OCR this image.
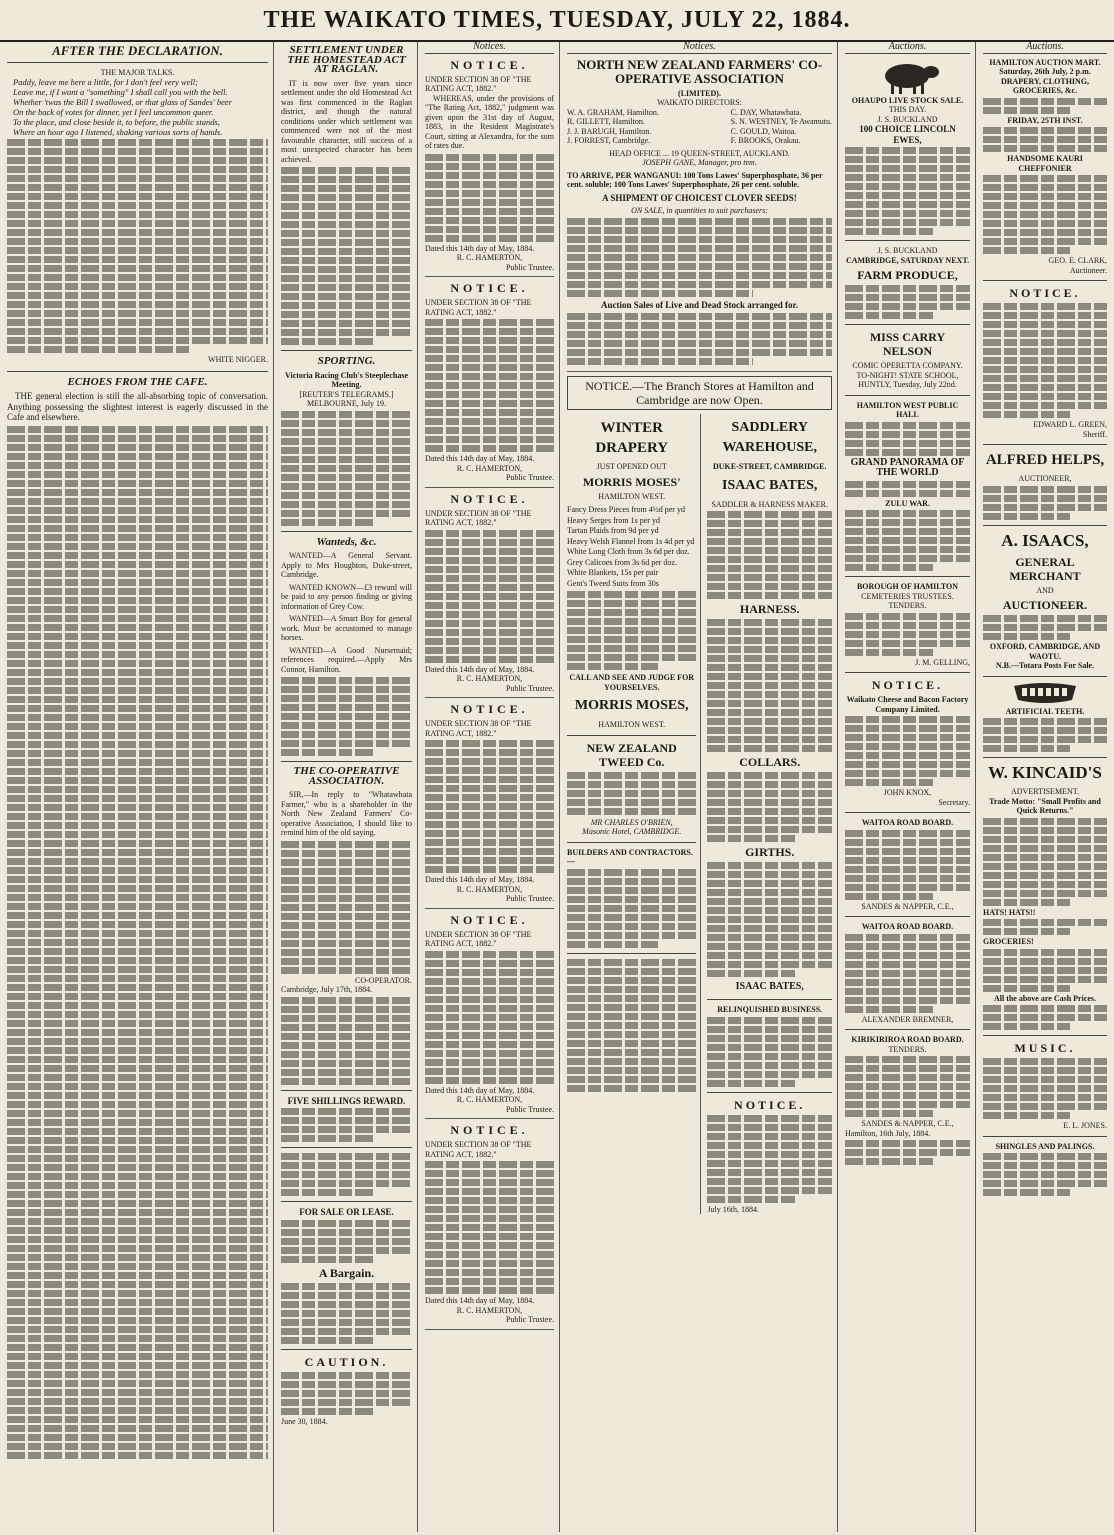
THE WAIKATO TIMES, TUESDAY, JULY 22, 1884.
AFTER THE DECLARATION.
THE MAJOR TALKS.
Paddy, leave me here a little, for I don't feel very well;
Leave me, if I want a "something" I shall call you with the bell.
Whether 'twas the Bill I swallowed, or that glass of Sandes' beer
On the back of votes for dinner, yet I feel uncommon queer.
To the place, and close beside it, to before, the public stands,
Where an hour ago I listened, shaking various sorts of hands.
WHITE NIGGER.
ECHOES FROM THE CAFE.
THE general election is still the all-absorbing topic of conversation. Anything possessing the slightest interest is eagerly discussed in the Cafe and elsewhere.
SETTLEMENT UNDER THE HOMESTEAD ACT AT RAGLAN.
IT is now over five years since settlement under the old Homestead Act was first commenced in the Raglan district, and though the natural conditions under which settlement was commenced were not of the most favourable character, still success of a most unexpected character has been achieved.
SPORTING.
Victoria Racing Club's Steeplechase Meeting.
[REUTER'S TELEGRAMS.] MELBOURNE, July 19.
Wanteds, &c.
WANTED—A General Servant. Apply to Mrs Houghton, Duke-street, Cambridge.
WANTED KNOWN—£3 reward will be paid to any person finding or giving information of Grey Cow.
WANTED—A Smart Boy for general work. Must be accustomed to manage horses.
WANTED—A Good Nursemaid; references required.—Apply Mrs Connor, Hamilton.
THE CO-OPERATIVE ASSOCIATION.
SIR,—In reply to "Whatawhata Farmer," who is a shareholder in the North New Zealand Farmers' Co-operative Association, I should like to remind him of the old saying.
CO-OPERATOR.
Cambridge, July 17th, 1884.
FIVE SHILLINGS REWARD.
FOR SALE OR LEASE.
A Bargain.
CAUTION.
June 30, 1884.
Notices.
NOTICE.
UNDER SECTION 38 OF "THE RATING ACT, 1882."
WHEREAS, under the provisions of "The Rating Act, 1882," judgment was given upon the 31st day of August, 1883, in the Resident Magistrate's Court, sitting at Alexandra, for the sum of rates due.
Dated this 14th day of May, 1884.
R. C. HAMERTON,
Public Trustee.
NOTICE.
UNDER SECTION 38 OF "THE RATING ACT, 1882."
Dated this 14th day of May, 1884.
R. C. HAMERTON,
Public Trustee.
NOTICE.
UNDER SECTION 38 OF "THE RATING ACT, 1882."
Dated this 14th day of May, 1884.
R. C. HAMERTON,
Public Trustee.
NOTICE.
UNDER SECTION 38 OF "THE RATING ACT, 1882."
Dated this 14th day of May, 1884.
R. C. HAMERTON,
Public Trustee.
NOTICE.
UNDER SECTION 38 OF "THE RATING ACT, 1882."
Dated this 14th day of May, 1884.
R. C. HAMERTON,
Public Trustee.
NOTICE.
UNDER SECTION 38 OF "THE RATING ACT, 1882."
Dated this 14th day of May, 1884.
R. C. HAMERTON,
Public Trustee.
Notices.
NORTH NEW ZEALAND FARMERS' CO-OPERATIVE ASSOCIATION
(LIMITED).
WAIKATO DIRECTORS:
W. A. GRAHAM, Hamilton.
R. GILLETT, Hamilton.
J. J. BARUGH, Hamilton.
J. FORREST, Cambridge.
C. DAY, Whatawhata.
S. N. WESTNEY, Te Awamutu.
C. GOULD, Waitoa.
F. BROOKS, Orakau.
HEAD OFFICE ... 19 QUEEN-STREET, AUCKLAND.
JOSEPH GANE, Manager, pro tem.
TO ARRIVE, PER WANGANUI: 100 Tons Lawes' Superphosphate, 36 per cent. soluble; 100 Tons Lawes' Superphosphate, 26 per cent. soluble.
A SHIPMENT OF CHOICEST CLOVER SEEDS!
ON SALE, in quantities to suit purchasers:
Auction Sales of Live and Dead Stock arranged for.
NOTICE.—The Branch Stores at Hamilton and Cambridge are now Open.
WINTER DRAPERY
JUST OPENED OUT
MORRIS MOSES'
HAMILTON WEST.
Fancy Dress Pieces from 4½d per yd
Heavy Serges from 1s per yd
Tartan Plaids from 9d per yd
Heavy Welsh Flannel from 1s 4d per yd
White Long Cloth from 3s 6d per doz.
Grey Calicoes from 3s 6d per doz.
White Blankets, 15s per pair
Gent's Tweed Suits from 30s
CALL AND SEE AND JUDGE FOR YOURSELVES.
MORRIS MOSES,
HAMILTON WEST.
NEW ZEALAND TWEED Co.
MR CHARLES O'BRIEN,
Masonic Hotel, CAMBRIDGE.
BUILDERS AND CONTRACTORS.—
SADDLERY WAREHOUSE,
DUKE-STREET, CAMBRIDGE.
ISAAC BATES,
SADDLER & HARNESS MAKER.
HARNESS.
COLLARS.
GIRTHS.
ISAAC BATES,
RELINQUISHED BUSINESS.
NOTICE.
July 16th, 1884.
Auctions.
OHAUPO LIVE STOCK SALE.
THIS DAY.
J. S. BUCKLAND
100 CHOICE LINCOLN EWES,
J. S. BUCKLAND
CAMBRIDGE, SATURDAY NEXT.
FARM PRODUCE,
MISS CARRY NELSON
COMIC OPERETTA COMPANY.
TO-NIGHT! STATE SCHOOL, HUNTLY, Tuesday, July 22nd.
HAMILTON WEST PUBLIC HALL
GRAND PANORAMA OF THE WORLD
ZULU WAR.
BOROUGH OF HAMILTON
CEMETERIES TRUSTEES.
TENDERS.
J. M. GELLING,
NOTICE.
Waikato Cheese and Bacon Factory Company Limited.
JOHN KNOX,
Secretary.
WAITOA ROAD BOARD.
SANDES & NAPPER, C.E.,
WAITOA ROAD BOARD.
ALEXANDER BREMNER,
KIRIKIRIROA ROAD BOARD.
TENDERS.
SANDES & NAPPER, C.E.,
Hamilton, 16th July, 1884.
Auctions.
HAMILTON AUCTION MART.
Saturday, 26th July, 2 p.m.
DRAPERY, CLOTHING, GROCERIES, &c.
FRIDAY, 25TH INST.
HANDSOME KAURI CHEFFONIER
GEO. E. CLARK,
Auctioneer.
NOTICE.
EDWARD L. GREEN,
Sheriff.
ALFRED HELPS,
AUCTIONEER,
A. ISAACS,
GENERAL MERCHANT
AND
AUCTIONEER.
OXFORD, CAMBRIDGE, AND WAOTU.
N.B.—Totara Posts For Sale.
ARTIFICIAL TEETH.
W. KINCAID'S
ADVERTISEMENT.
Trade Motto: "Small Profits and Quick Returns."
HATS! HATS!!
GROCERIES!
All the above are Cash Prices.
MUSIC.
E. L. JONES.
SHINGLES AND PALINGS.
